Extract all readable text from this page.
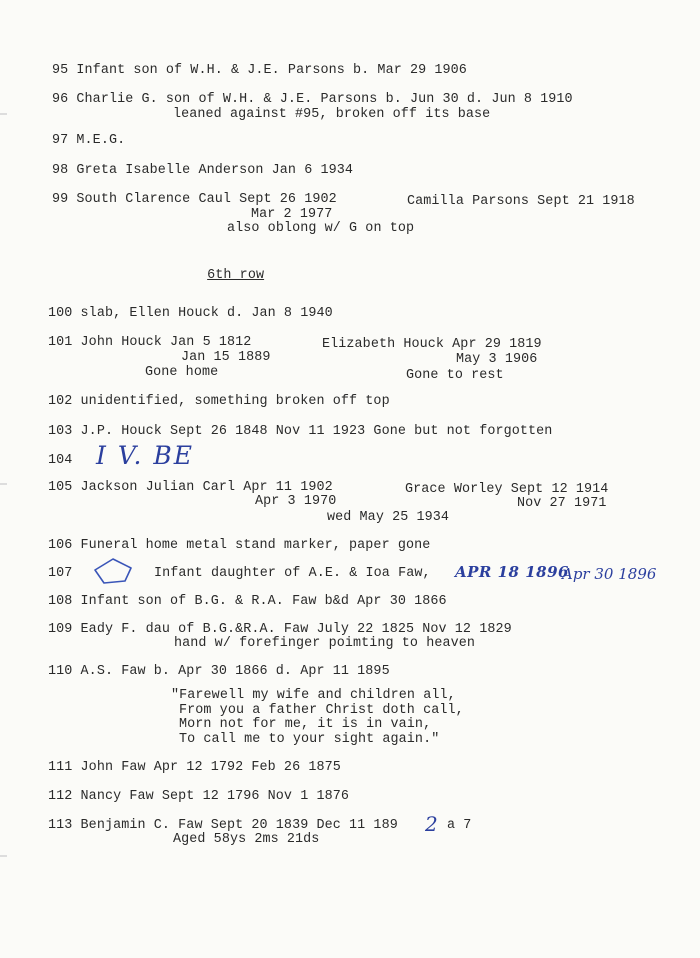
95 Infant son of W.H. & J.E. Parsons b. Mar 29 1906
96 Charlie G. son of W.H. & J.E. Parsons b. Jun 30 d. Jun 8 1910
leaned against #95, broken off its base
97 M.E.G.
98 Greta Isabelle Anderson Jan 6 1934
99 South Clarence Caul Sept 26 1902	Camilla Parsons Sept 21 1918
Mar 2 1977
also oblong w/ G on top
6th row
100 slab, Ellen Houck d. Jan 8 1940
101 John Houck Jan 5 1812	Elizabeth Houck Apr 29 1819
Jan 15 1889	May 3 1906
Gone home	Gone to rest
102 unidentified, something broken off top
103 J.P. Houck Sept 26 1848 Nov 11 1923 Gone but not forgotten
104 I V. BE
105 Jackson Julian Carl Apr 11 1902	Grace Worley Sept 12 1914
Apr 3 1970	Nov 27 1971
wed May 25 1934
106 Funeral home metal stand marker, paper gone
107	Infant daughter of A.E. & Ioa Faw, APR 18 1896
Apr 30 1896
108 Infant son of B.G. & R.A. Faw b&d Apr 30 1866
109 Eady F. dau of B.G.&R.A. Faw July 22 1825 Nov 12 1829
hand w/ forefinger poimting to heaven
110 A.S. Faw b. Apr 30 1866 d. Apr 11 1895
"Farewell my wife and children all,
From you a father Christ doth call,
Morn not for me, it is in vain,
To call me to your sight again."
111 John Faw Apr 12 1792 Feb 26 1875
112 Nancy Faw Sept 12 1796 Nov 1 1876
113 Benjamin C. Faw Sept 20 1839 Dec 11 189 2 a 7
Aged 58ys 2ms 21ds
